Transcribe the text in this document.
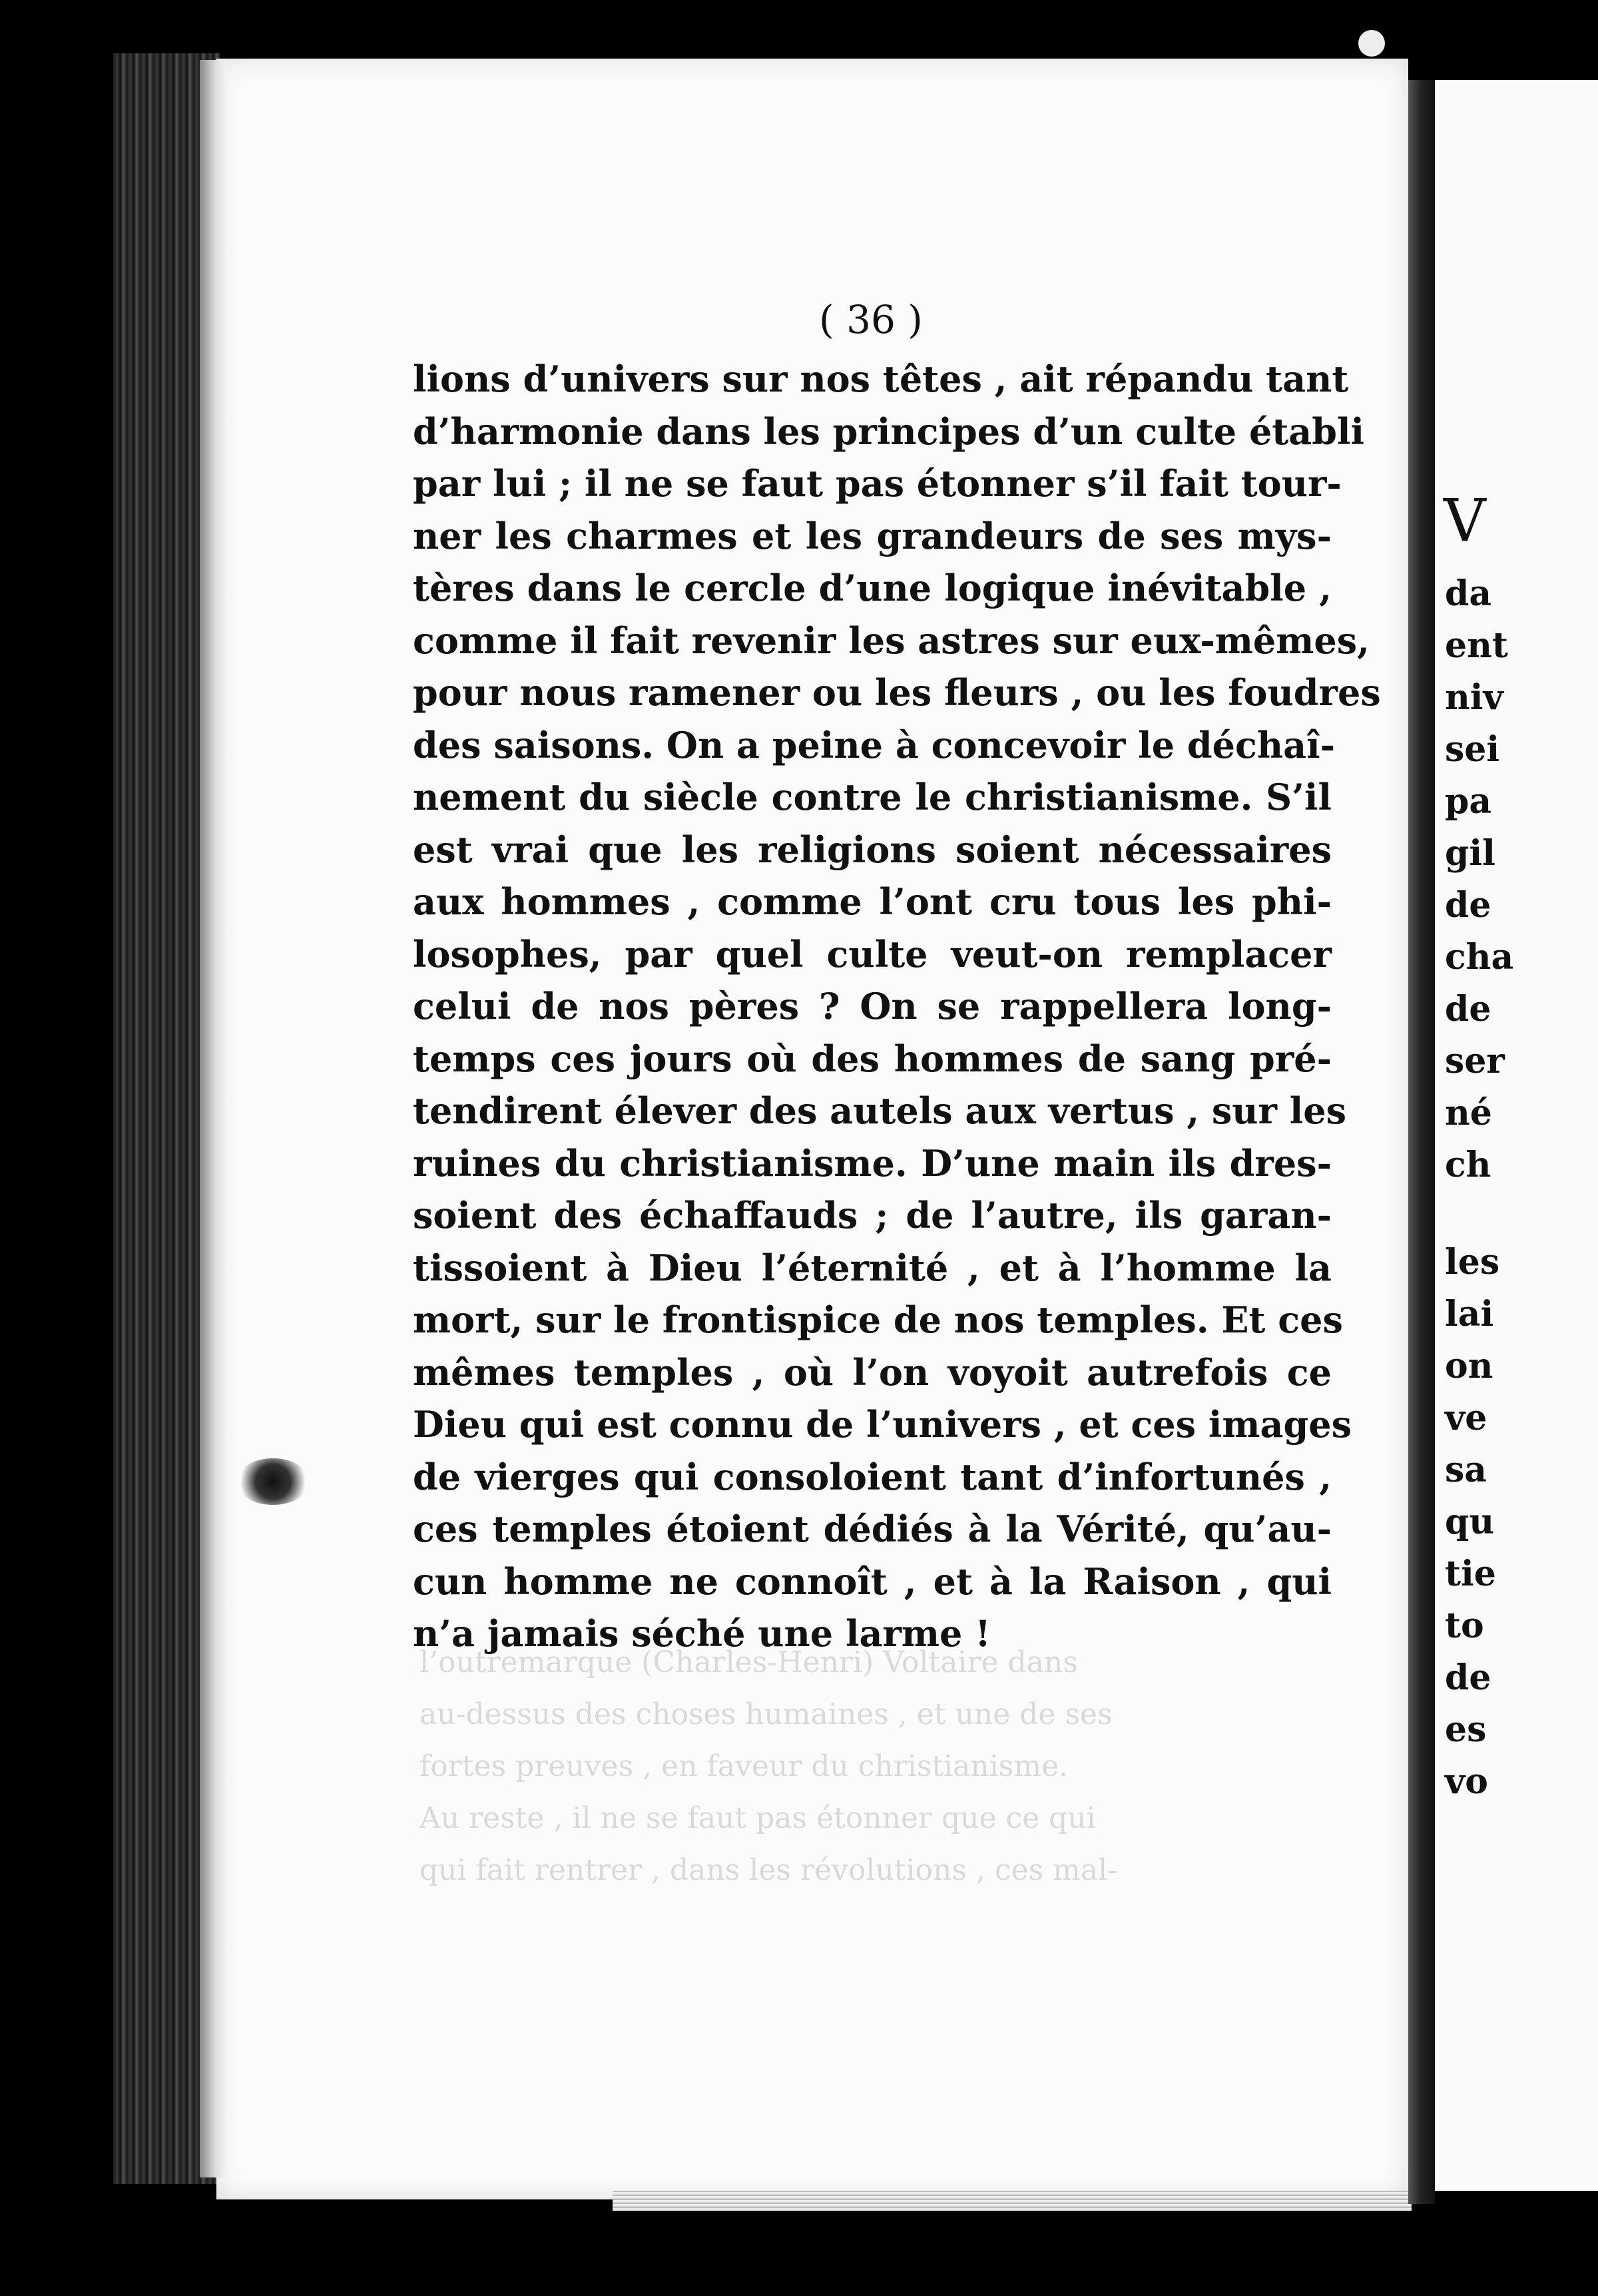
( 36 )
lions d’univers sur nos têtes , ait répandu tant
d’harmonie dans les principes d’un culte établi
par lui ; il ne se faut pas étonner s’il fait tour-
ner les charmes et les grandeurs de ses mys-
tères dans le cercle d’une logique inévitable ,
comme il fait revenir les astres sur eux-mêmes,
pour nous ramener ou les fleurs , ou les foudres
des saisons. On a peine à concevoir le déchaî-
nement du siècle contre le christianisme. S’il
est vrai que les religions soient nécessaires
aux hommes , comme l’ont cru tous les phi-
losophes, par quel culte veut-on remplacer
celui de nos pères ? On se rappellera long-
temps ces jours où des hommes de sang pré-
tendirent élever des autels aux vertus , sur les
ruines du christianisme. D’une main ils dres-
soient des échaffauds ; de l’autre, ils garan-
tissoient à Dieu l’éternité , et à l’homme la
mort, sur le frontispice de nos temples. Et ces
mêmes temples , où l’on voyoit autrefois ce
Dieu qui est connu de l’univers , et ces images
de vierges qui consoloient tant d’infortunés ,
ces temples étoient dédiés à la Vérité, qu’au-
cun homme ne connoît , et à la Raison , qui
n’a jamais séché une larme !
l’outremarque (Charles-Henri) Voltaire dans
au-dessus des choses humaines , et une de ses
fortes preuves , en faveur du christianisme.
Au reste , il ne se faut pas étonner que ce qui
qui fait rentrer , dans les révolutions , ces mal-
V
da
ent
niv
sei
pa
gil
de
cha
de
ser
né
ch
les
lai
on
ve
sa
qu
tie
to
de
es
vo
